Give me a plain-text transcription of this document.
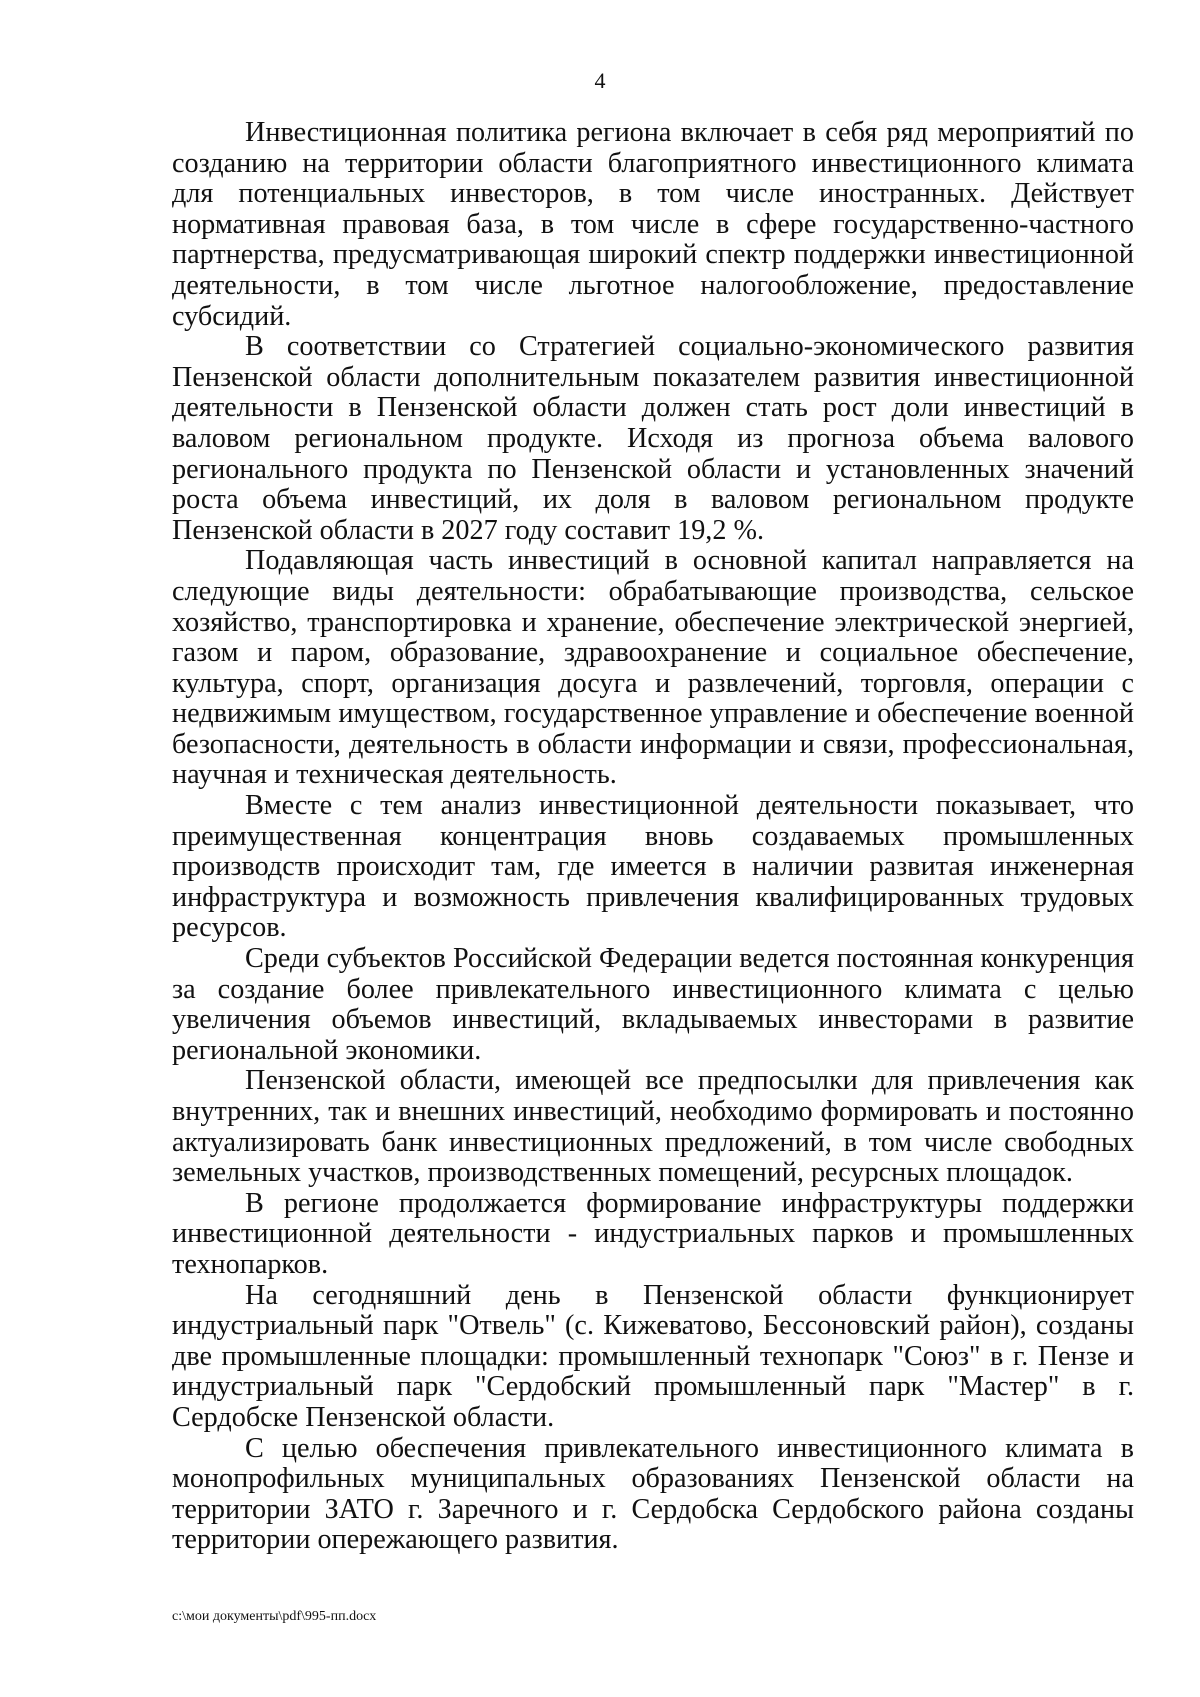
4

Инвестиционная политика региона включает в себя ряд мероприятий по созданию на территории области благоприятного инвестиционного климата для потенциальных инвесторов, в том числе иностранных. Действует нормативная правовая база, в том числе в сфере государственно-частного партнерства, предусматривающая широкий спектр поддержки инвестиционной деятельности, в том числе льготное налогообложение, предоставление субсидий.

В соответствии со Стратегией социально-экономического развития Пензенской области дополнительным показателем развития инвестиционной деятельности в Пензенской области должен стать рост доли инвестиций в валовом региональном продукте. Исходя из прогноза объема валового регионального продукта по Пензенской области и установленных значений роста объема инвестиций, их доля в валовом региональном продукте Пензенской области в 2027 году составит 19,2 %.

Подавляющая часть инвестиций в основной капитал направляется на следующие виды деятельности: обрабатывающие производства, сельское хозяйство, транспортировка и хранение, обеспечение электрической энергией, газом и паром, образование, здравоохранение и социальное обеспечение, культура, спорт, организация досуга и развлечений, торговля, операции с недвижимым имуществом, государственное управление и обеспечение военной безопасности, деятельность в области информации и связи, профессиональная, научная и техническая деятельность.

Вместе с тем анализ инвестиционной деятельности показывает, что преимущественная концентрация вновь создаваемых промышленных производств происходит там, где имеется в наличии развитая инженерная инфраструктура и возможность привлечения квалифицированных трудовых ресурсов.

Среди субъектов Российской Федерации ведется постоянная конкуренция за создание более привлекательного инвестиционного климата с целью увеличения объемов инвестиций, вкладываемых инвесторами в развитие региональной экономики.

Пензенской области, имеющей все предпосылки для привлечения как внутренних, так и внешних инвестиций, необходимо формировать и постоянно актуализировать банк инвестиционных предложений, в том числе свободных земельных участков, производственных помещений, ресурсных площадок.

В регионе продолжается формирование инфраструктуры поддержки инвестиционной деятельности - индустриальных парков и промышленных технопарков.

На сегодняшний день в Пензенской области функционирует индустриальный парк "Отвель" (с. Кижеватово, Бессоновский район), созданы две промышленные площадки: промышленный технопарк "Союз" в г. Пензе и индустриальный парк "Сердобский промышленный парк "Мастер" в г. Сердобске Пензенской области.

С целью обеспечения привлекательного инвестиционного климата в монопрофильных муниципальных образованиях Пензенской области на территории ЗАТО г. Заречного и г. Сердобска Сердобского района созданы территории опережающего развития.

c:\мои документы\pdf\995-пп.docx
